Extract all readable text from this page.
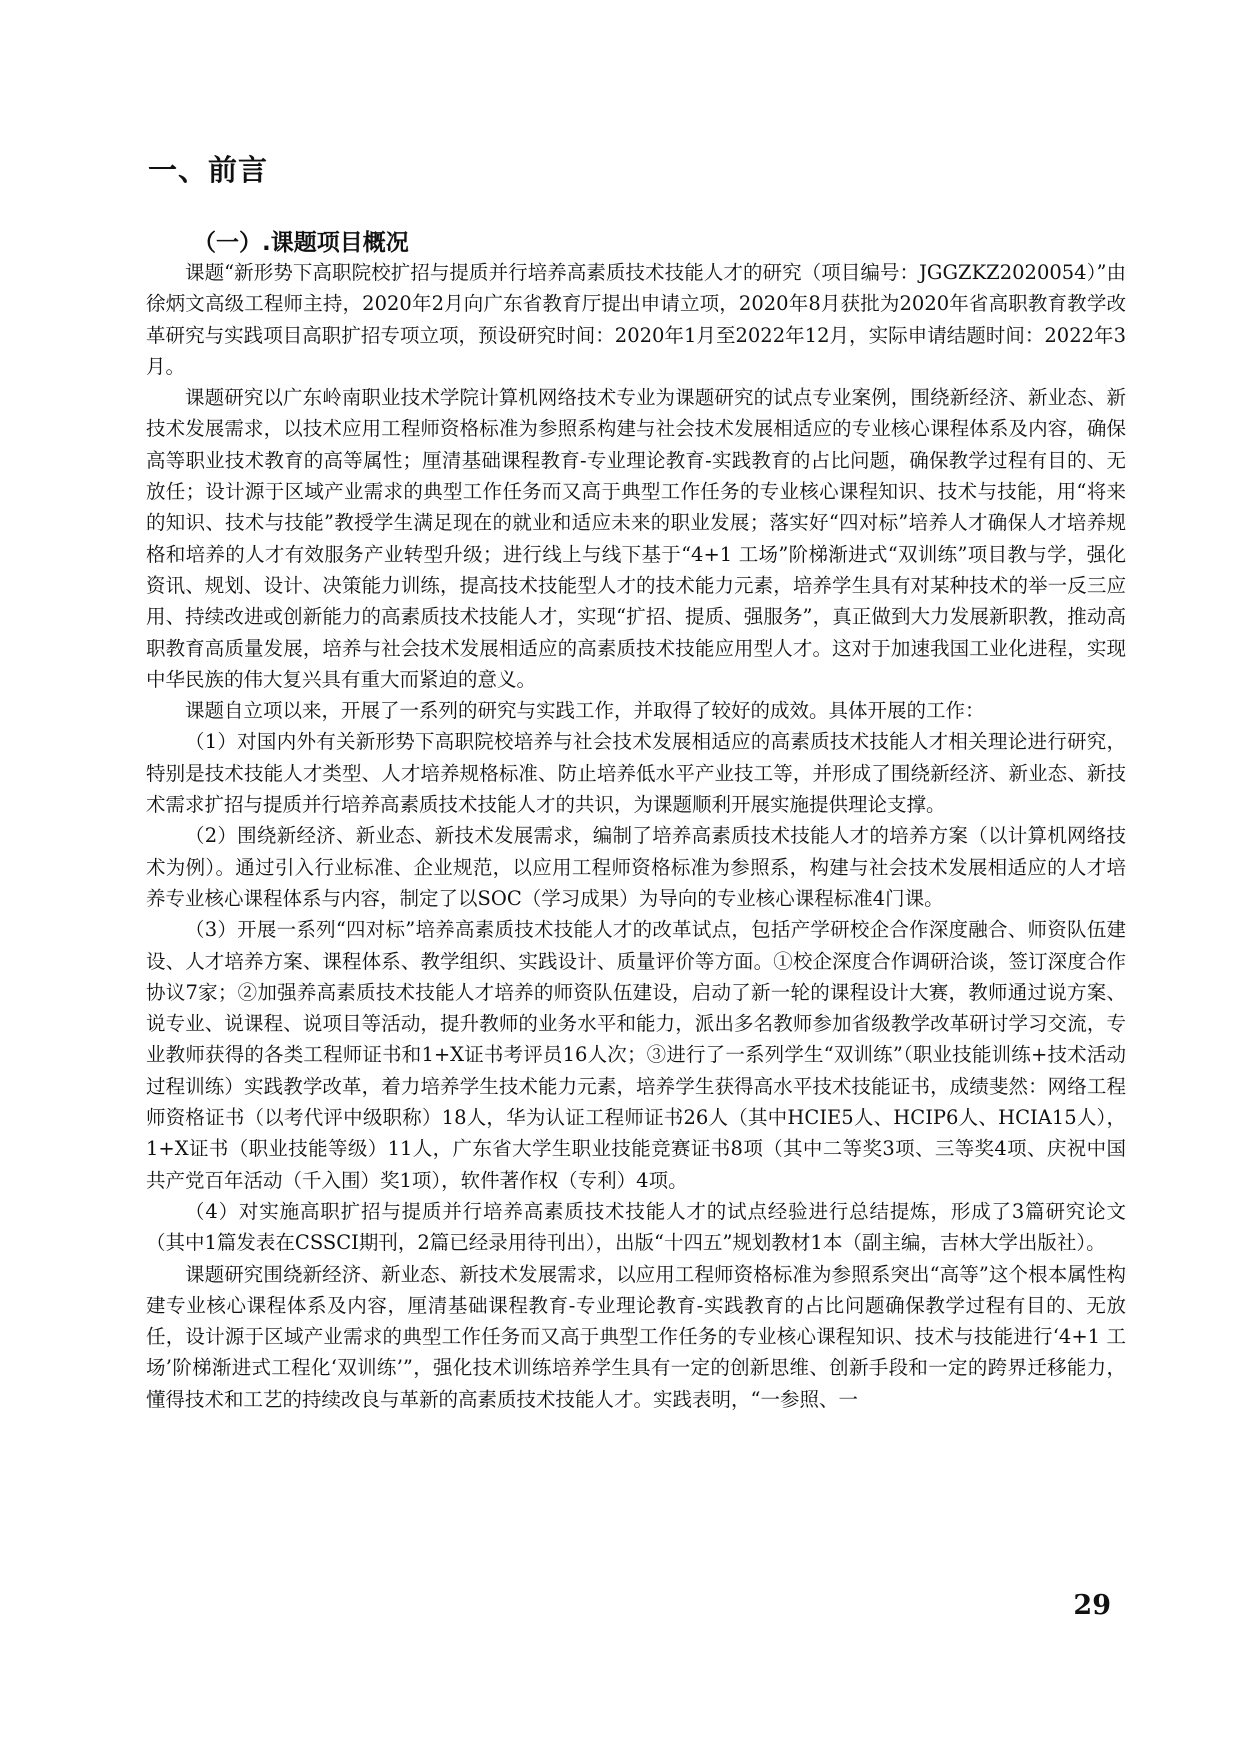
一、前言
（一）.课题项目概况

课题“新形势下高职院校扩招与提质并行培养高素质技术技能人才的研究（项目编号：JGGZKZ2020054）”由徐炳文高级工程师主持，2020年2月向广东省教育厅提出申请立项，2020年8月获批为2020年省高职教育教学改革研究与实践项目高职扩招专项立项，预设研究时间：2020年1月至2022年12月，实际申请结题时间：2022年3月。

课题研究以广东岭南职业技术学院计算机网络技术专业为课题研究的试点专业案例，围绕新经济、新业态、新技术发展需求，以技术应用工程师资格标准为参照系构建与社会技术发展相适应的专业核心课程体系及内容，确保高等职业技术教育的高等属性；厘清基础课程教育-专业理论教育-实践教育的占比问题，确保教学过程有目的、无放任；设计源于区域产业需求的典型工作任务而又高于典型工作任务的专业核心课程知识、技术与技能，用“将来的知识、技术与技能”教授学生满足现在的就业和适应未来的职业发展；落实好“四对标”培养人才确保人才培养规格和培养的人才有效服务产业转型升级；进行线上与线下基于“4+1 工场”阶梯渐进式“双训练”项目教与学，强化资讯、规划、设计、决策能力训练，提高技术技能型人才的技术能力元素，培养学生具有对某种技术的举一反三应用、持续改进或创新能力的高素质技术技能人才，实现“扩招、提质、强服务”，真正做到大力发展新职教，推动高职教育高质量发展，培养与社会技术发展相适应的高素质技术技能应用型人才。这对于加速我国工业化进程，实现中华民族的伟大复兴具有重大而紧迫的意义。

课题自立项以来，开展了一系列的研究与实践工作，并取得了较好的成效。具体开展的工作：

（1）对国内外有关新形势下高职院校培养与社会技术发展相适应的高素质技术技能人才相关理论进行研究，特别是技术技能人才类型、人才培养规格标准、防止培养低水平产业技工等，并形成了围绕新经济、新业态、新技术需求扩招与提质并行培养高素质技术技能人才的共识，为课题顺利开展实施提供理论支撑。

（2）围绕新经济、新业态、新技术发展需求，编制了培养高素质技术技能人才的培养方案（以计算机网络技术为例）。通过引入行业标准、企业规范，以应用工程师资格标准为参照系，构建与社会技术发展相适应的人才培养专业核心课程体系与内容，制定了以SOC（学习成果）为导向的专业核心课程标准4门课。

（3）开展一系列“四对标”培养高素质技术技能人才的改革试点，包括产学研校企合作深度融合、师资队伍建设、人才培养方案、课程体系、教学组织、实践设计、质量评价等方面。①校企深度合作调研洽谈，签订深度合作协议7家；②加强养高素质技术技能人才培养的师资队伍建设，启动了新一轮的课程设计大赛，教师通过说方案、说专业、说课程、说项目等活动，提升教师的业务水平和能力，派出多名教师参加省级教学改革研讨学习交流，专业教师获得的各类工程师证书和1+X证书考评员16人次；③进行了一系列学生“双训练”（职业技能训练+技术活动过程训练）实践教学改革，着力培养学生技术能力元素，培养学生获得高水平技术技能证书，成绩斐然：网络工程师资格证书（以考代评中级职称）18人，华为认证工程师证书26人（其中HCIE5人、HCIP6人、HCIA15人），1+X证书（职业技能等级）11人，广东省大学生职业技能竞赛证书8项（其中二等奖3项、三等奖4项、庆祝中国共产党百年活动（千入围）奖1项），软件著作权（专利）4项。

（4）对实施高职扩招与提质并行培养高素质技术技能人才的试点经验进行总结提炼，形成了3篇研究论文（其中1篇发表在CSSCI期刊，2篇已经录用待刊出），出版“十四五”规划教材1本（副主编，吉林大学出版社）。

课题研究围绕新经济、新业态、新技术发展需求，以应用工程师资格标准为参照系突出“高等”这个根本属性构建专业核心课程体系及内容，厘清基础课程教育-专业理论教育-实践教育的占比问题确保教学过程有目的、无放任，设计源于区域产业需求的典型工作任务而又高于典型工作任务的专业核心课程知识、技术与技能进行‘4+1 工场’阶梯渐进式工程化‘双训练’”，强化技术训练培养学生具有一定的创新思维、创新手段和一定的跨界迁移能力，懂得技术和工艺的持续改良与革新的高素质技术技能人才。实践表明，“一参照、一

29
